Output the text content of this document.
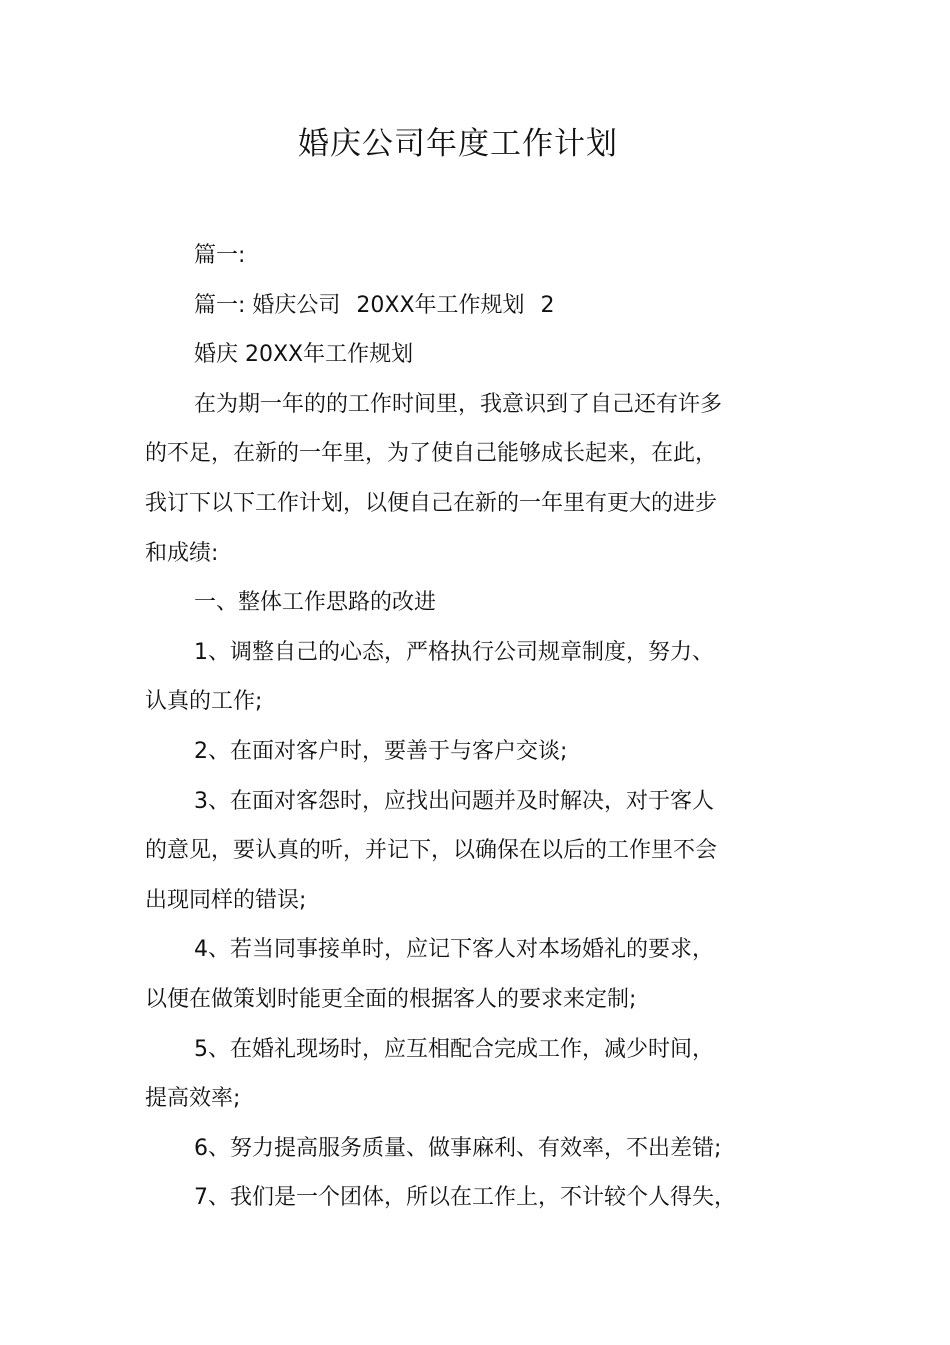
婚庆公司年度工作计划

篇一:

篇一: 婚庆公司 20XX年工作规划 2

婚庆 20XX年工作规划

在为期一年的的工作时间里，我意识到了自己还有许多

的不足，在新的一年里，为了使自己能够成长起来，在此，

我订下以下工作计划，以便自己在新的一年里有更大的进步

和成绩:

一、整体工作思路的改进

1、调整自己的心态，严格执行公司规章制度，努力、

认真的工作;

2、在面对客户时，要善于与客户交谈;

3、在面对客怨时，应找出问题并及时解决，对于客人

的意见，要认真的听，并记下，以确保在以后的工作里不会

出现同样的错误;

4、若当同事接单时，应记下客人对本场婚礼的要求，

以便在做策划时能更全面的根据客人的要求来定制;

5、在婚礼现场时，应互相配合完成工作，减少时间，

提高效率;

6、努力提高服务质量、做事麻利、有效率，不出差错;

7、我们是一个团体，所以在工作上，不计较个人得失，
